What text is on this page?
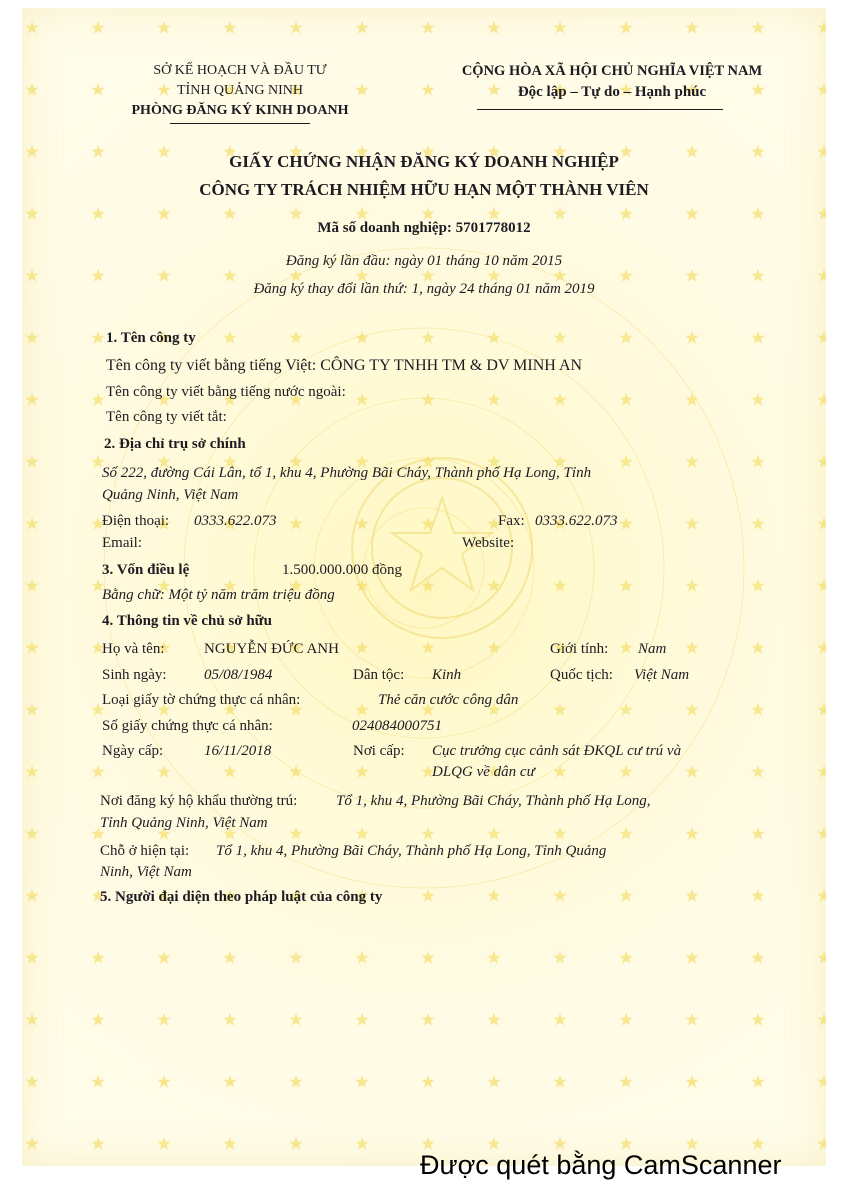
SỞ KẾ HOẠCH VÀ ĐẦU TƯ
TỈNH QUẢNG NINH
PHÒNG ĐĂNG KÝ KINH DOANH
CỘNG HÒA XÃ HỘI CHỦ NGHĨA VIỆT NAM
Độc lập – Tự do – Hạnh phúc
GIẤY CHỨNG NHẬN ĐĂNG KÝ DOANH NGHIỆP
CÔNG TY TRÁCH NHIỆM HỮU HẠN MỘT THÀNH VIÊN
Mã số doanh nghiệp: 5701778012
Đăng ký lần đầu: ngày 01 tháng 10 năm 2015
Đăng ký thay đổi lần thứ: 1, ngày 24 tháng 01 năm 2019
1. Tên công ty
Tên công ty viết bằng tiếng Việt: CÔNG TY TNHH TM & DV MINH AN
Tên công ty viết bằng tiếng nước ngoài:
Tên công ty viết tắt:
2. Địa chỉ trụ sở chính
Số 222, đường Cái Lân, tổ 1, khu 4, Phường Bãi Cháy, Thành phố Hạ Long, Tỉnh
Quảng Ninh, Việt Nam
Điện thoại: 0333.622.073	Fax: 0333.622.073
Email:	Website:
3. Vốn điều lệ	1.500.000.000 đồng
Bằng chữ: Một tỷ năm trăm triệu đồng
4. Thông tin về chủ sở hữu
Họ và tên:	NGUYỄN ĐỨC ANH	Giới tính: Nam
Sinh ngày: 05/08/1984	Dân tộc: Kinh	Quốc tịch: Việt Nam
Loại giấy tờ chứng thực cá nhân:	Thẻ căn cước công dân
Số giấy chứng thực cá nhân:	024084000751
Ngày cấp:	16/11/2018	Nơi cấp: Cục trưởng cục cảnh sát ĐKQL cư trú và
DLQG về dân cư
Nơi đăng ký hộ khẩu thường trú:	Tổ 1, khu 4, Phường Bãi Cháy, Thành phố Hạ Long,
Tỉnh Quảng Ninh, Việt Nam
Chỗ ở hiện tại: Tổ 1, khu 4, Phường Bãi Cháy, Thành phố Hạ Long, Tỉnh Quảng
Ninh, Việt Nam
5. Người đại diện theo pháp luật của công ty
Được quét bằng CamScanner
